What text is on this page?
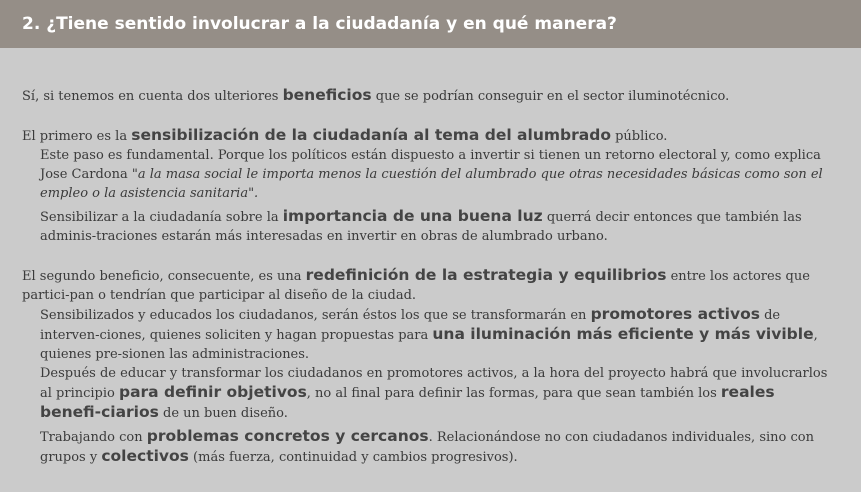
2. ¿Tiene sentido involucrar a la ciudadanía y en qué manera?

Sí, si tenemos en cuenta dos ulteriores beneficios que se podrían conseguir en el sector iluminotécnico.

El primero es la sensibilización de la ciudadanía al tema del alumbrado público.

Este paso es fundamental. Porque los políticos están dispuesto a invertir si tienen un retorno electoral y, como explica Jose Cardona "a la masa social le importa menos la cuestión del alumbrado que otras necesidades básicas como son el empleo o la asistencia sanitaria".

Sensibilizar a la ciudadanía sobre la importancia de una buena luz querrá decir entonces que también las adminis-traciones estarán más interesadas en invertir en obras de alumbrado urbano.

El segundo beneficio, consecuente, es una redefinición de la estrategia y equilibrios entre los actores que partici-pan o tendrían que participar al diseño de la ciudad.

Sensibilizados y educados los ciudadanos, serán éstos los que se transformarán en promotores activos de interven-ciones, quienes soliciten y hagan propuestas para una iluminación más eficiente y más vivible, quienes pre-sionen las administraciones.

Después de educar y transformar los ciudadanos en promotores activos, a la hora del proyecto habrá que involucrarlos al principio para definir objetivos, no al final para definir las formas, para que sean también los reales benefi-ciarios de un buen diseño.

Trabajando con problemas concretos y cercanos. Relacionándose no con ciudadanos individuales, sino con grupos y colectivos (más fuerza, continuidad y cambios progresivos).
